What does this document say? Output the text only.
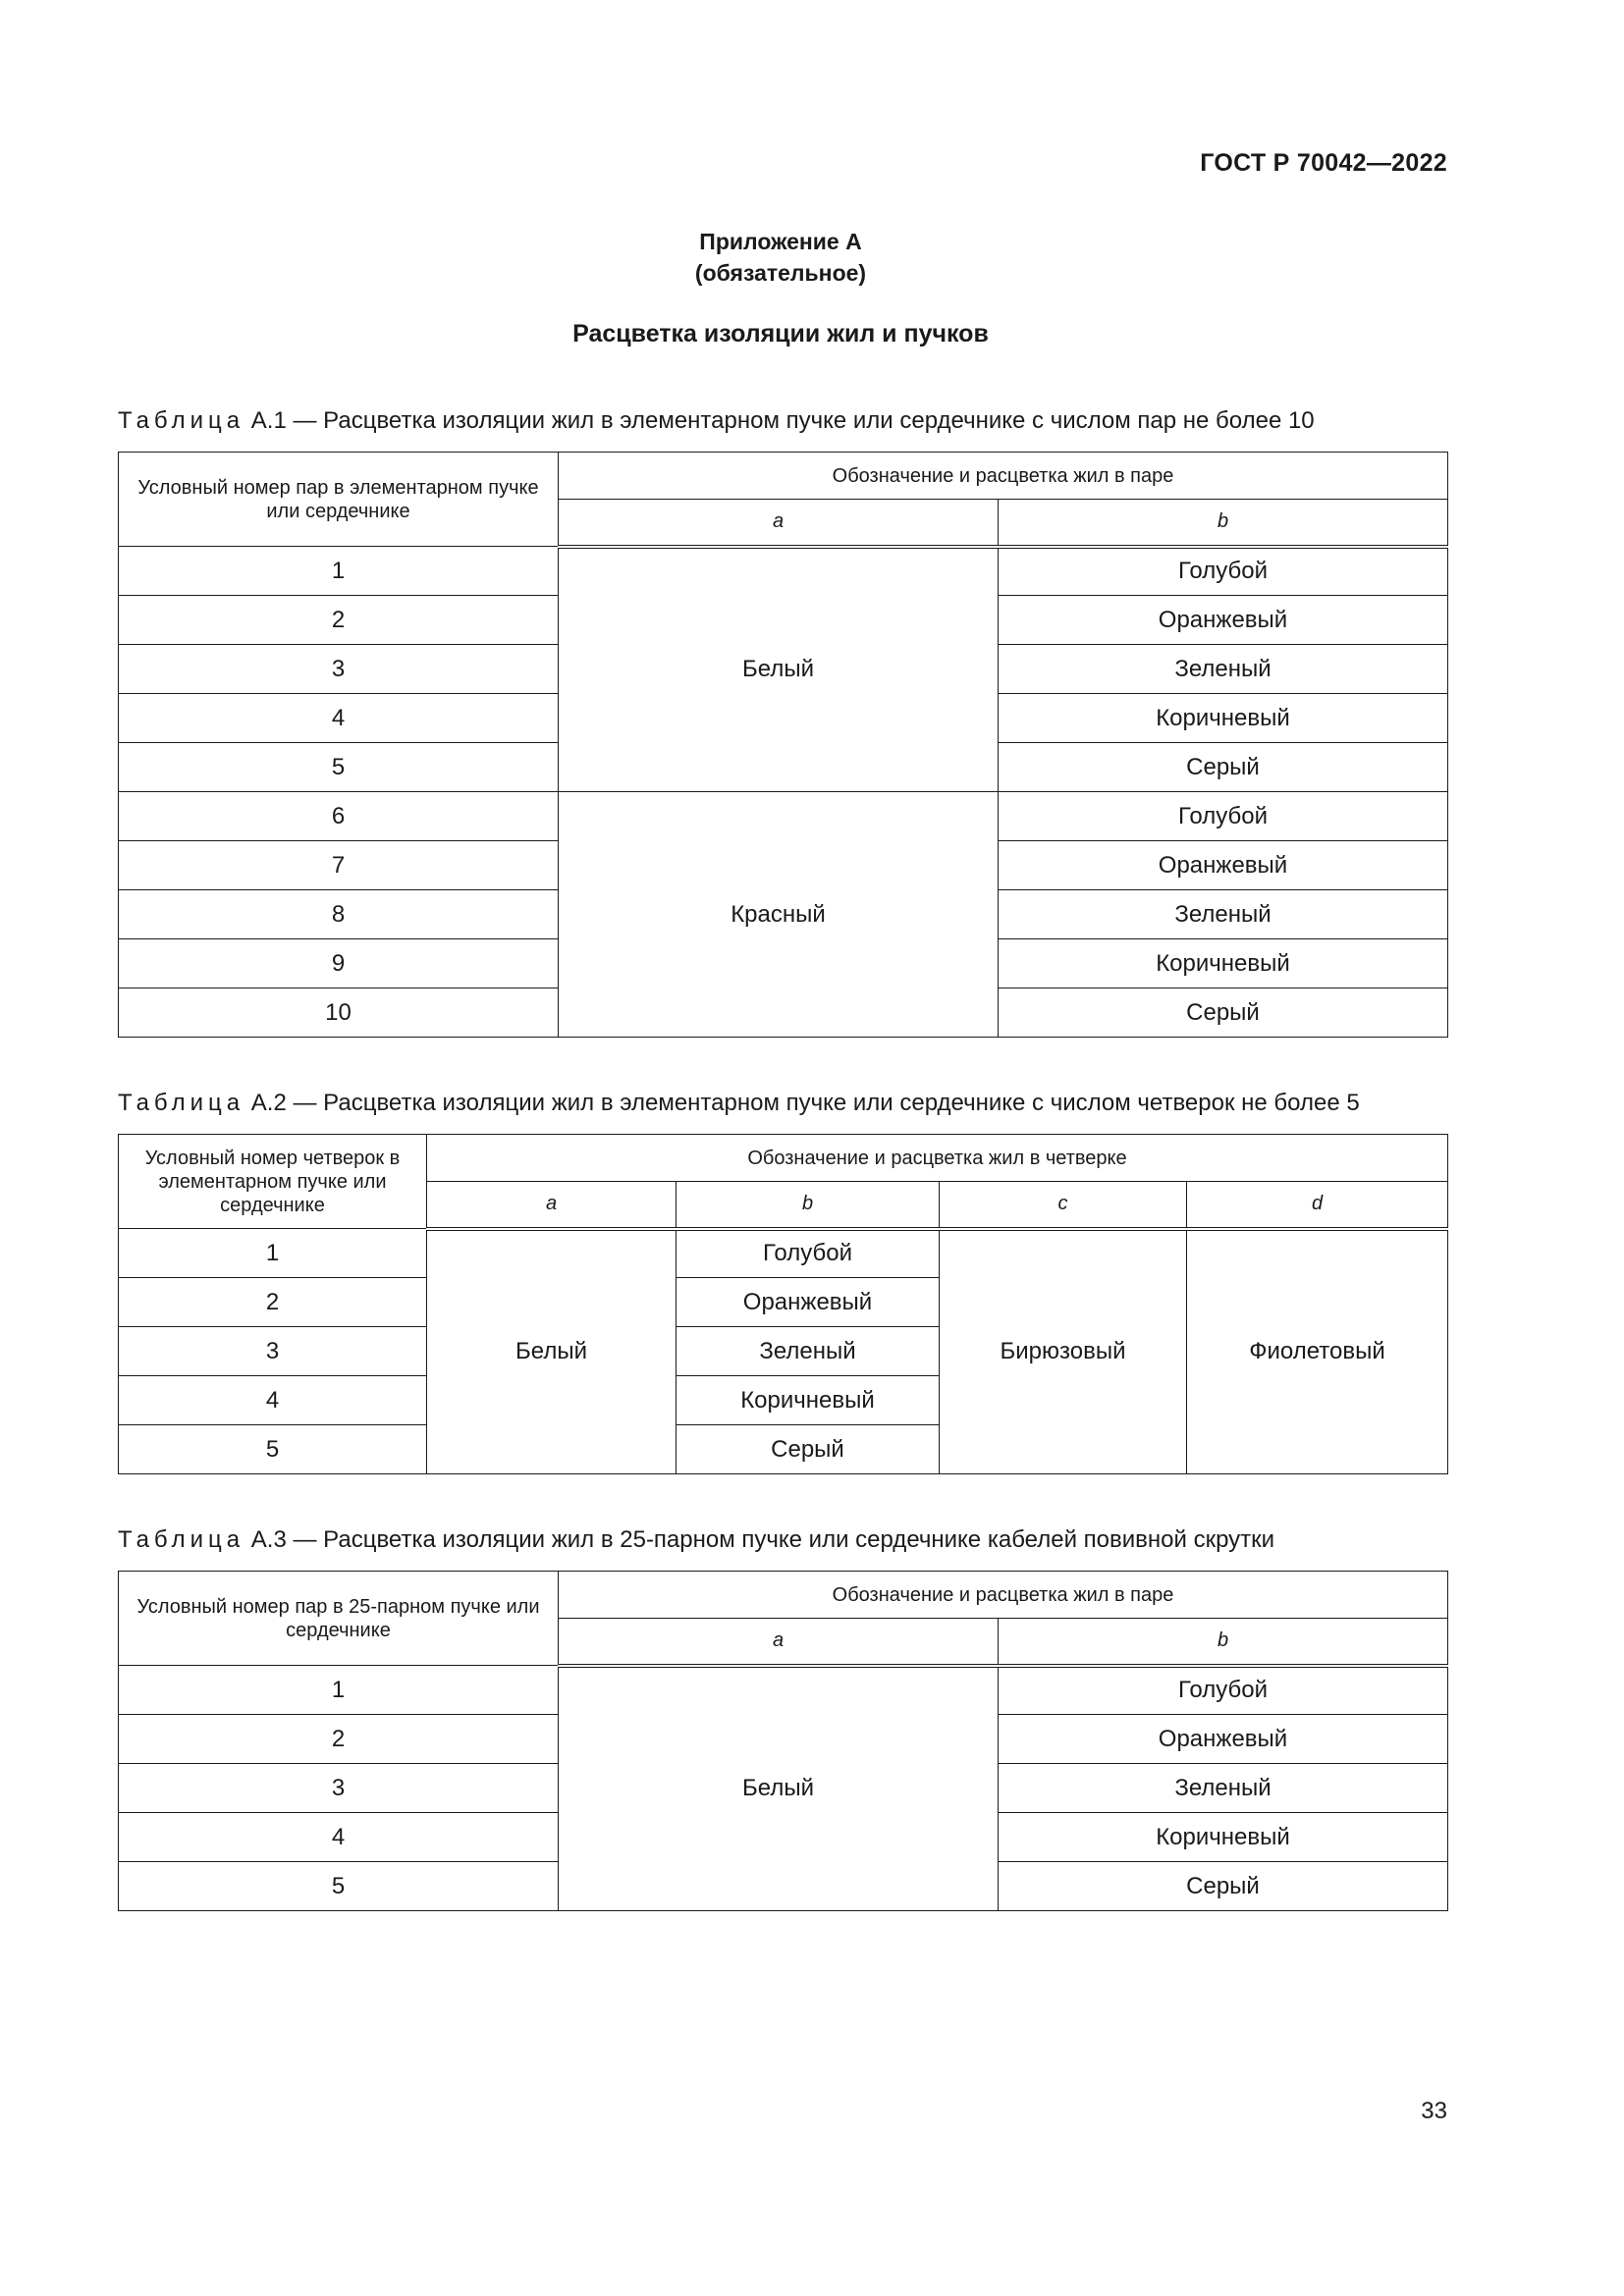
ГОСТ Р 70042—2022
Приложение А
(обязательное)
Расцветка изоляции жил и пучков
Таблица А.1 — Расцветка изоляции жил в элементарном пучке или сердечнике с числом пар не более 10
Условный номер пар в элементарном пучке или сердечнике	Обозначение и расцветка жил в паре	
	a	b
1	Белый	Голубой
2		Оранжевый
3		Зеленый
4		Коричневый
5		Серый
6	Красный	Голубой
7		Оранжевый
8		Зеленый
9		Коричневый
10		Серый
Таблица А.2 — Расцветка изоляции жил в элементарном пучке или сердечнике с числом четверок не более 5
Условный номер четверок в элементарном пучке или сердечнике	Обозначение и расцветка жил в четверке			
	a	b	c	d
1	Белый	Голубой	Бирюзовый	Фиолетовый
2		Оранжевый		
3		Зеленый		
4		Коричневый		
5		Серый		
Таблица А.3 — Расцветка изоляции жил в 25-парном пучке или сердечнике кабелей повивной скрутки
Условный номер пар в 25-парном пучке или сердечнике	Обозначение и расцветка жил в паре	
	a	b
1	Белый	Голубой
2		Оранжевый
3		Зеленый
4		Коричневый
5		Серый
33
